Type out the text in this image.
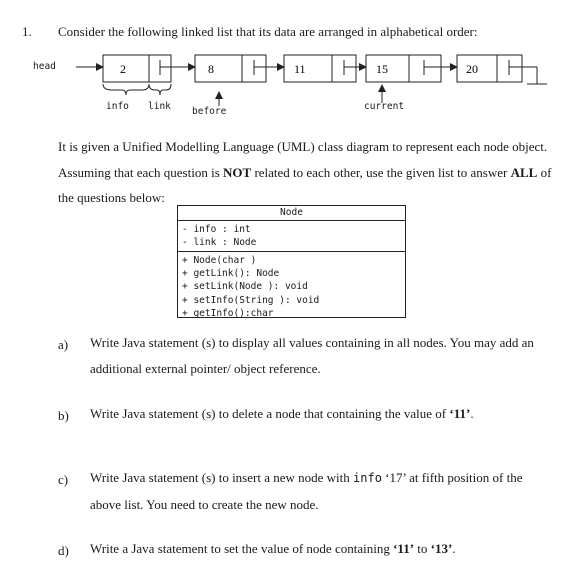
1. Consider the following linked list that its data are arranged in alphabetical order:
head	2	8	11	15	20
info link before	current
It is given a Unified Modelling Language (UML) class diagram to represent each node object. Assuming that each question is NOT related to each other, use the given list to answer ALL of the questions below:
Node
- info : int
- link : Node
+ Node(char )
+ getLink(): Node
+ setLink(Node ): void
+ setInfo(String ): void
+ getInfo():char
a) Write Java statement (s) to display all values containing in all nodes. You may add an additional external pointer/ object reference.
b) Write Java statement (s) to delete a node that containing the value of ‘11’.
c) Write Java statement (s) to insert a new node with info ‘17’ at fifth position of the above list. You need to create the new node.
d) Write a Java statement to set the value of node containing ‘11’ to ‘13’.
